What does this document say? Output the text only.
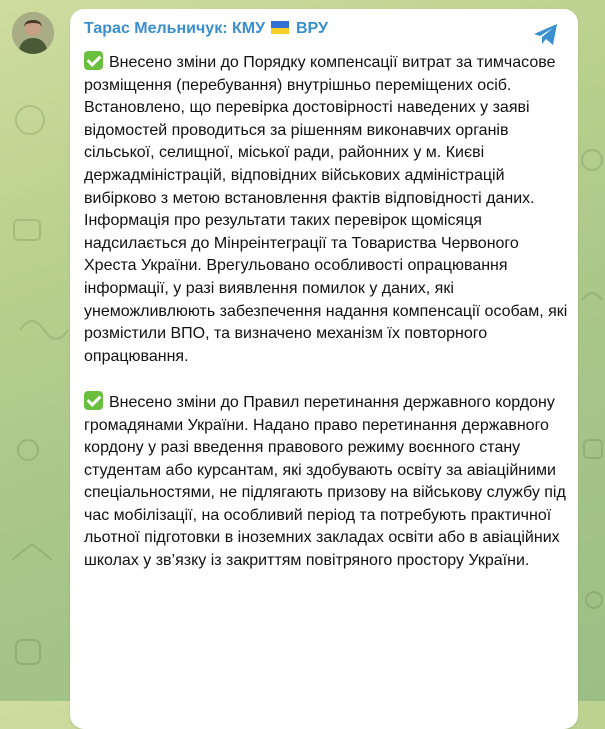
Тарас Мельничук: КМУ ВРУ

Внесено зміни до Порядку компенсації витрат за тимчасове розміщення (перебування) внутрішньо переміщених осіб. Встановлено, що перевірка достовірності наведених у заяві відомостей проводиться за рішенням виконавчих органів сільської, селищної, міської ради, районних у м. Києві держадміністрацій, відповідних військових адміністрацій вибірково з метою встановлення фактів відповідності даних. Інформація про результати таких перевірок щомісяця надсилається до Мінреінтеграції та Товариства Червоного Хреста України. Врегульовано особливості опрацювання інформації, у разі виявлення помилок у даних, які унеможливлюють забезпечення надання компенсації особам, які розмістили ВПО, та визначено механізм їх повторного опрацювання.

Внесено зміни до Правил перетинання державного кордону громадянами України. Надано право перетинання державного кордону у разі введення правового режиму воєнного стану студентам або курсантам, які здобувають освіту за авіаційними спеціальностями, не підлягають призову на військову службу під час мобілізації, на особливий період та потребують практичної льотної підготовки в іноземних закладах освіти або в авіаційних школах у зв’язку із закриттям повітряного простору України.
